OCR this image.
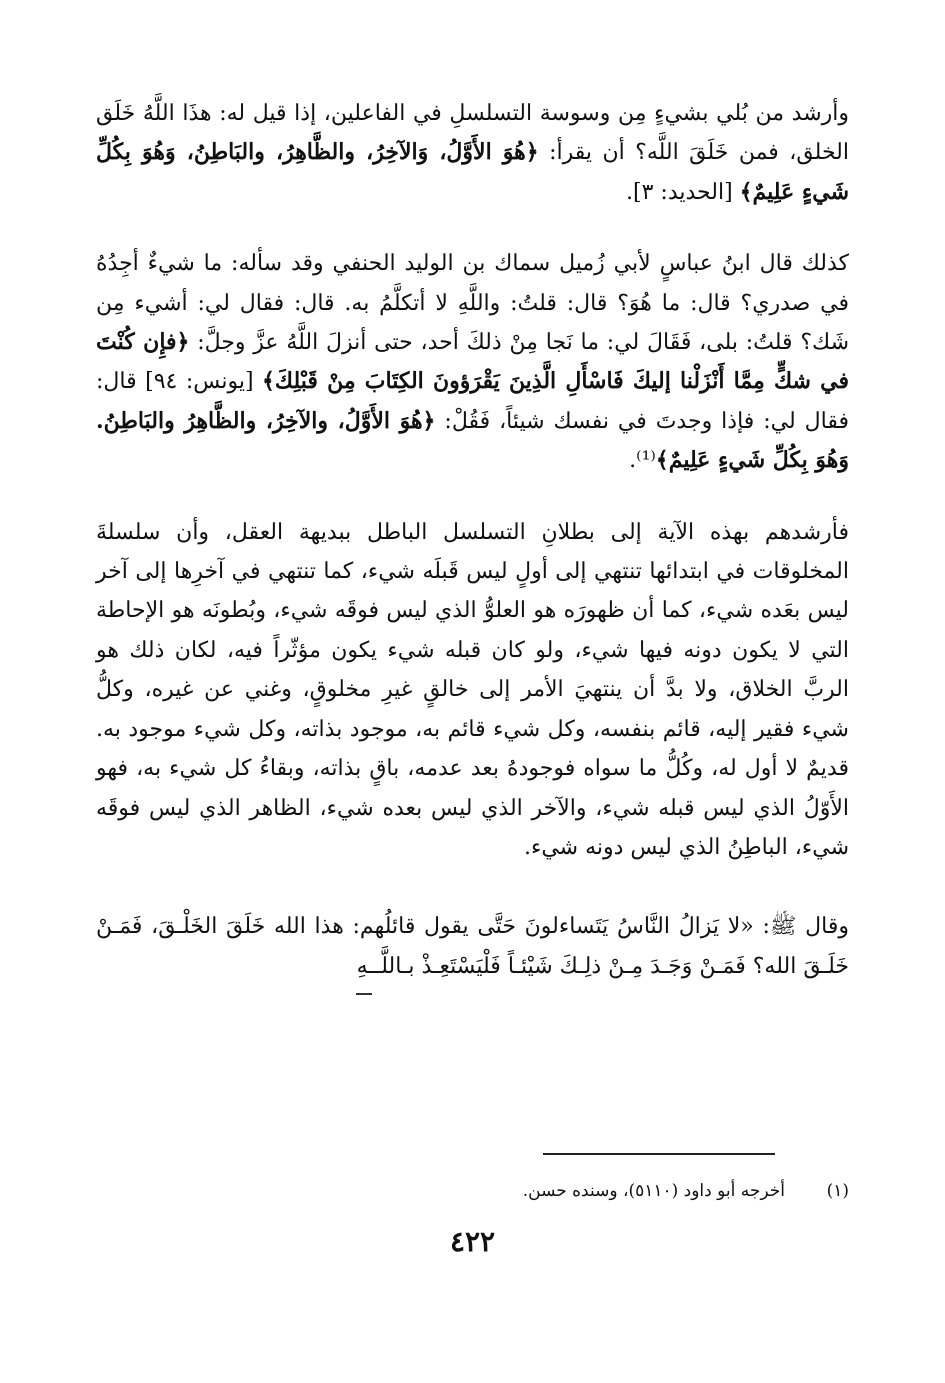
وأرشد من بُلي بشيءٍ مِن وسوسة التسلسلِ في الفاعلين، إذا قيل له: هذَا اللَّهُ خَلَق الخلق، فمن خَلَقَ اللَّه؟ أن يقرأ: ﴿هُوَ الأَوَّلُ، وَالآخِرُ، والظَّاهِرُ، والبَاطِنُ، وَهُوَ بِكُلِّ شَيءٍ عَلِيمٌ﴾ [الحديد: ٣].

كذلك قال ابنُ عباسٍ لأبي زُميل سماك بن الوليد الحنفي وقد سأله: ما شيءٌ أجِدُهُ في صدري؟ قال: ما هُوَ؟ قال: قلتُ: واللَّهِ لا أتكلَّمُ به. قال: فقال لي: أشيء مِن شَك؟ قلتُ: بلى، فَقَالَ لي: ما نَجا مِنْ ذلكَ أحد، حتى أنزلَ اللَّهُ عزَّ وجلَّ: ﴿فإِن كُنْتَ في شكٍّ مِمَّا أَنْزَلْنا إليكَ فَاسْأَلِ الَّذِينَ يَقْرَؤونَ الكِتَابَ مِنْ قَبْلِكَ﴾ [يونس: ٩٤] قال: فقال لي: فإذا وجدتَ في نفسك شيئاً، فَقُلْ: ﴿هُوَ الأَوَّلُ، والآخِرُ، والظَّاهِرُ والبَاطِنُ. وَهُوَ بِكُلِّ شَيءٍ عَلِيمٌ﴾⁽¹⁾.

فأرشدهم بهذه الآية إلى بطلانِ التسلسل الباطل ببديهة العقل، وأن سلسلةَ المخلوقات في ابتدائها تنتهي إلى أولٍ ليس قَبلَه شيء، كما تنتهي في آخرِها إلى آخر ليس بعَده شيء، كما أن ظهورَه هو العلوُّ الذي ليس فوقَه شيء، وبُطونَه هو الإحاطة التي لا يكون دونه فيها شيء، ولو كان قبله شيء يكون مؤثّراً فيه، لكان ذلك هو الربَّ الخلاق، ولا بدَّ أن ينتهيَ الأمر إلى خالقٍ غيرِ مخلوقٍ، وغني عن غيره، وكلُّ شيء فقير إليه، قائم بنفسه، وكل شيء قائم به، موجود بذاته، وكل شيء موجود به. قديمٌ لا أول له، وكُلُّ ما سواه فوجودهُ بعد عدمه، باقٍ بذاته، وبقاءُ كل شيء به، فهو الأَوّلُ الذي ليس قبله شيء، والآخر الذي ليس بعده شيء، الظاهر الذي ليس فوقَه شيء، الباطِنُ الذي ليس دونه شيء.

وقال ﷺ: «لا يَزالُ النَّاسُ يَتَساءلونَ حَتَّى يقول قائلُهم: هذا الله خَلَقَ الخَلْـقَ، فَمَـنْ خَلَـقَ الله؟ فَمَـنْ وَجَـدَ مِـنْ ذلِـكَ شَيْئـاً فَلْيَسْتَعِـذْ بـاللَّــهِ

(١)
أخرجه أبو داود (٥١١٠)، وسنده حسن.
٤٢٢
